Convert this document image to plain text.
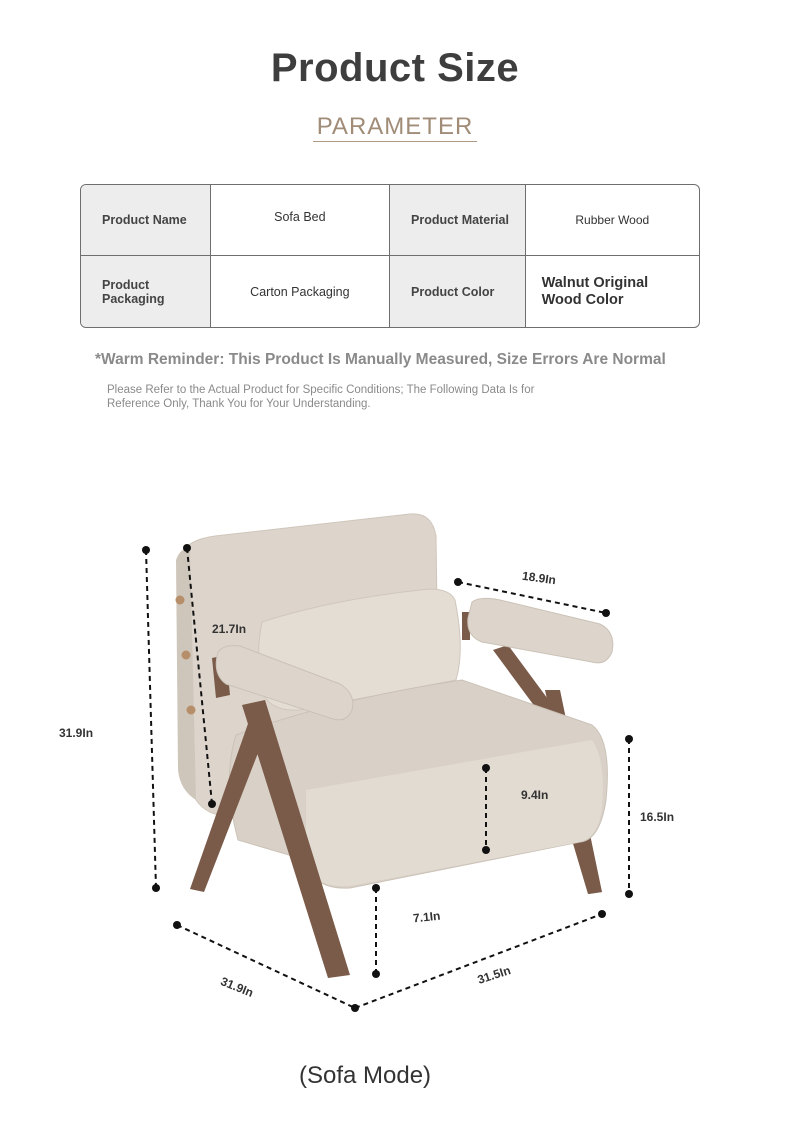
Product Size
PARAMETER
Product Name	Sofa Bed	Product Material	Rubber Wood
Product Packaging	Carton Packaging	Product Color	Walnut Original
Wood Color
*Warm Reminder: This Product Is Manually Measured, Size Errors Are Normal
Please Refer to the Actual Product for Specific Conditions; The Following Data Is for Reference Only, Thank You for Your Understanding.
31.9In
21.7In
18.9In
9.4In
16.5In
7.1In
31.9In	31.5In
(Sofa Mode)
